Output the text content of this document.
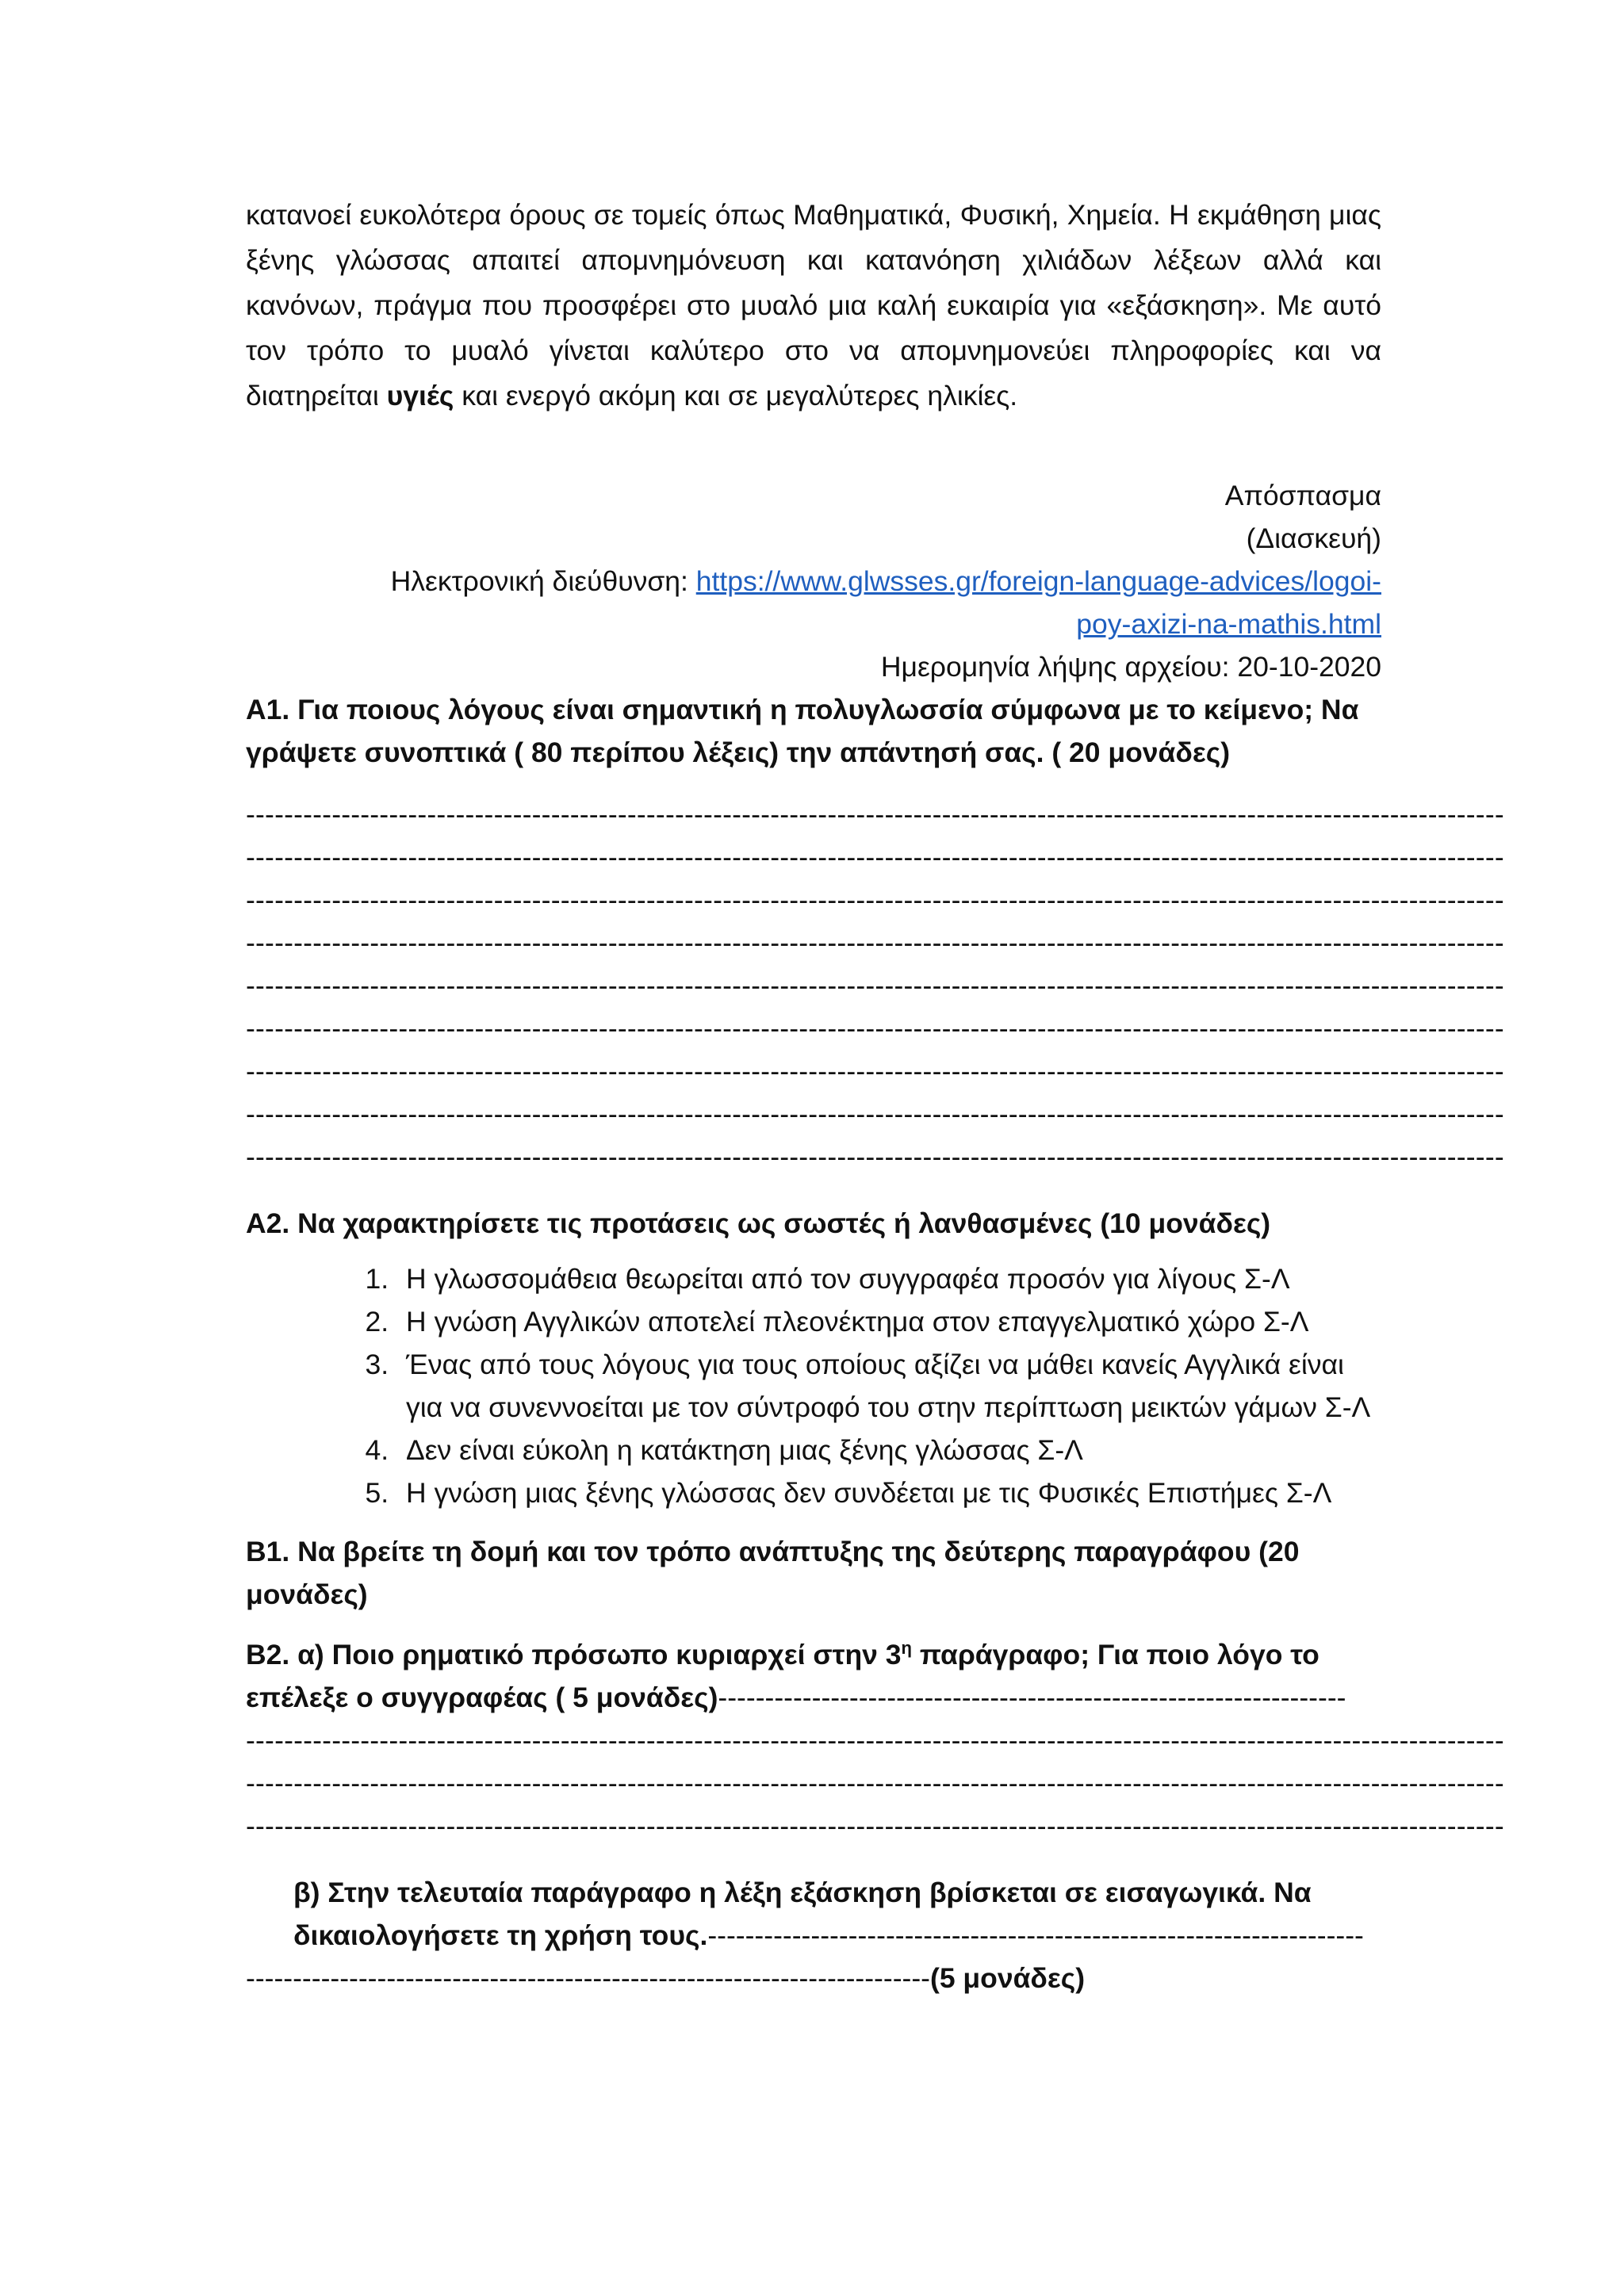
κατανοεί ευκολότερα όρους σε τομείς όπως Μαθηματικά, Φυσική, Χημεία. Η εκμάθηση μιας ξένης γλώσσας απαιτεί απομνημόνευση και κατανόηση χιλιάδων λέξεων αλλά και κανόνων, πράγμα που προσφέρει στο μυαλό μια καλή ευκαιρία για «εξάσκηση». Με αυτό τον τρόπο το μυαλό γίνεται καλύτερο στο να απομνημονεύει πληροφορίες και να διατηρείται υγιές και ενεργό ακόμη και σε μεγαλύτερες ηλικίες.

Απόσπασμα
(Διασκευή)
Ηλεκτρονική διεύθυνση: https://www.glwsses.gr/foreign-language-advices/logoi-
poy-axizi-na-mathis.html
Ημερομηνία λήψης αρχείου: 20-10-2020

Α1. Για ποιους λόγους είναι σημαντική η πολυγλωσσία σύμφωνα με το κείμενο; Να γράψετε συνοπτικά ( 80 περίπου λέξεις) την απάντησή σας. ( 20 μονάδες)

------------------------------------------------------------------------------------------------------------------------------------
------------------------------------------------------------------------------------------------------------------------------------
------------------------------------------------------------------------------------------------------------------------------------
------------------------------------------------------------------------------------------------------------------------------------
------------------------------------------------------------------------------------------------------------------------------------
------------------------------------------------------------------------------------------------------------------------------------
------------------------------------------------------------------------------------------------------------------------------------
------------------------------------------------------------------------------------------------------------------------------------
------------------------------------------------------------------------------------------------------------------------------------

Α2. Να χαρακτηρίσετε τις προτάσεις ως σωστές ή λανθασμένες (10 μονάδες)

1. Η γλωσσομάθεια θεωρείται από τον συγγραφέα προσόν για λίγους Σ-Λ
2. Η γνώση Αγγλικών αποτελεί πλεονέκτημα στον επαγγελματικό χώρο Σ-Λ
3. Ένας από τους λόγους για τους οποίους αξίζει να μάθει κανείς Αγγλικά είναι για να συνεννοείται με τον σύντροφό του στην περίπτωση μεικτών γάμων Σ-Λ
4. Δεν είναι εύκολη η κατάκτηση μιας ξένης γλώσσας Σ-Λ
5. Η γνώση μιας ξένης γλώσσας δεν συνδέεται με τις Φυσικές Επιστήμες Σ-Λ

Β1. Να βρείτε τη δομή και τον τρόπο ανάπτυξης της δεύτερης παραγράφου (20 μονάδες)

Β2. α) Ποιο ρηματικό πρόσωπο κυριαρχεί στην $3^\eta$ παράγραφο; Για ποιο λόγο το επέλεξε ο συγγραφέας ( 5 μονάδες)-------------------------------------------------------------------

------------------------------------------------------------------------------------------------------------------------------------
------------------------------------------------------------------------------------------------------------------------------------
------------------------------------------------------------------------------------------------------------------------------------

β) Στην τελευταία παράγραφο η λέξη εξάσκηση βρίσκεται σε εισαγωγικά. Να δικαιολογήσετε τη χρήση τους.----------------------------------------------------------------------

-------------------------------------------------------------------------(5 μονάδες)
